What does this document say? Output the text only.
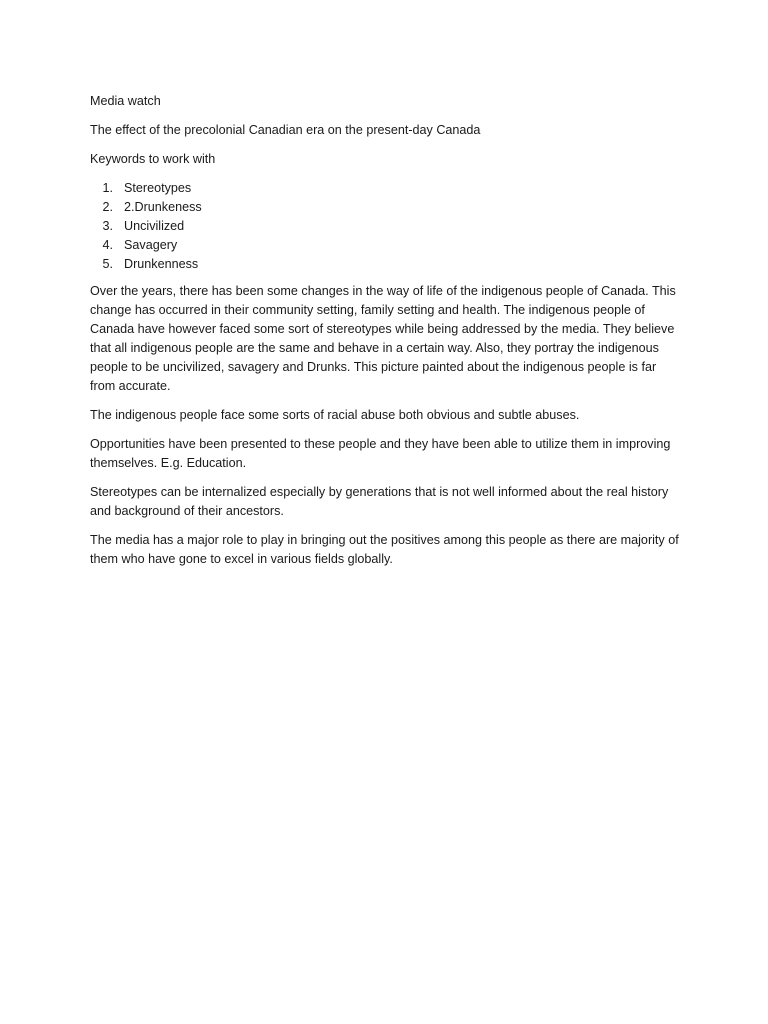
Media watch

The effect of the precolonial Canadian era on the present-day Canada

Keywords to work with

1. Stereotypes
2. 2.Drunkeness
3. Uncivilized
4. Savagery
5. Drunkenness

Over the years, there has been some changes in the way of life of the indigenous people of Canada. This change has occurred in their community setting, family setting and health. The indigenous people of Canada have however faced some sort of stereotypes while being addressed by the media. They believe that all indigenous people are the same and behave in a certain way. Also, they portray the indigenous people to be uncivilized, savagery and Drunks. This picture painted about the indigenous people is far from accurate.

The indigenous people face some sorts of racial abuse both obvious and subtle abuses.

Opportunities have been presented to these people and they have been able to utilize them in improving themselves. E.g. Education.

Stereotypes can be internalized especially by generations that is not well informed about the real history and background of their ancestors.

The media has a major role to play in bringing out the positives among this people as there are majority of them who have gone to excel in various fields globally.
